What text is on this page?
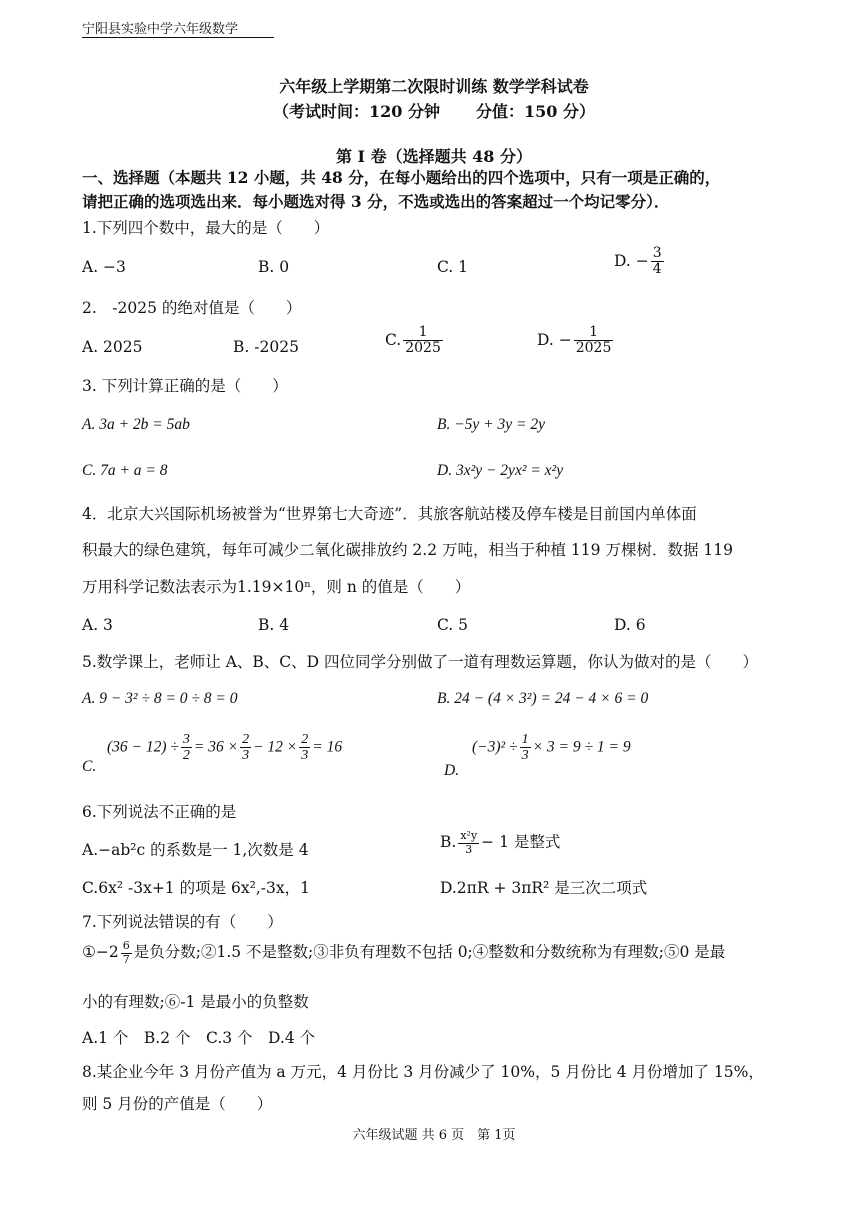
宁阳县实验中学六年级数学
六年级上学期第二次限时训练 数学学科试卷
（考试时间：120 分钟 分值：150 分）
第 I 卷（选择题共 48 分）
一、选择题（本题共 12 小题，共 48 分，在每小题给出的四个选项中，只有一项是正确的，
请把正确的选项选出来．每小题选对得 3 分，不选或选出的答案超过一个均记零分）．
1.下列四个数中，最大的是（　　）
A. −3	B. 0	C. 1	D. − $\frac{3}{4}$
2.　-2025 的绝对值是（　　）
A. 2025	B. -2025	C. $\frac{1}{2025}$	D. − $\frac{1}{2025}$
3. 下列计算正确的是（　　）
A. 3a + 2b = 5ab	B. −5y + 3y = 2y
C. 7a + a = 8	D. 3x²y − 2yx² = x²y
4．北京大兴国际机场被誉为“世界第七大奇迹”．其旅客航站楼及停车楼是目前国内单体面
积最大的绿色建筑，每年可减少二氧化碳排放约 2.2 万吨，相当于种植 119 万棵树．数据 119
万用科学记数法表示为1.19×10ⁿ，则 n 的值是（　　）
A. 3	B. 4	C. 5	D. 6
5.数学课上，老师让 A、B、C、D 四位同学分别做了一道有理数运算题，你认为做对的是（　　）
A. 9 − 3² ÷ 8 = 0 ÷ 8 = 0	B. 24 − (4 × 3²) = 24 − 4 × 6 = 0
C.
$(36 - 12) \div \frac{3}{2} = 36 \times \frac{2}{3} - 12 \times \frac{2}{3} = 16$
D.
$(-3)^2 \div \frac{1}{3} \times 3 = 9 \div 1 = 9$
6.下列说法不正确的是
A.−ab²c 的系数是一 1,次数是 4	B. $\frac{\text{x²y}}{3} - 1$ 是整式
C.6x² -3x+1 的项是 6x²,-3x，1	D.2πR + 3πR² 是三次二项式
7.下列说法错误的有（　　）
①−2 $\frac{6}{7}$ 是负分数;②1.5 不是整数;③非负有理数不包括 0;④整数和分数统称为有理数;⑤0 是最
小的有理数;⑥-1 是最小的负整数
A.1 个　B.2 个　C.3 个　D.4 个
8.某企业今年 3 月份产值为 a 万元，4 月份比 3 月份减少了 10%，5 月份比 4 月份增加了 15%，
则 5 月份的产值是（　　）
六年级试题 共 6 页　第 1页
